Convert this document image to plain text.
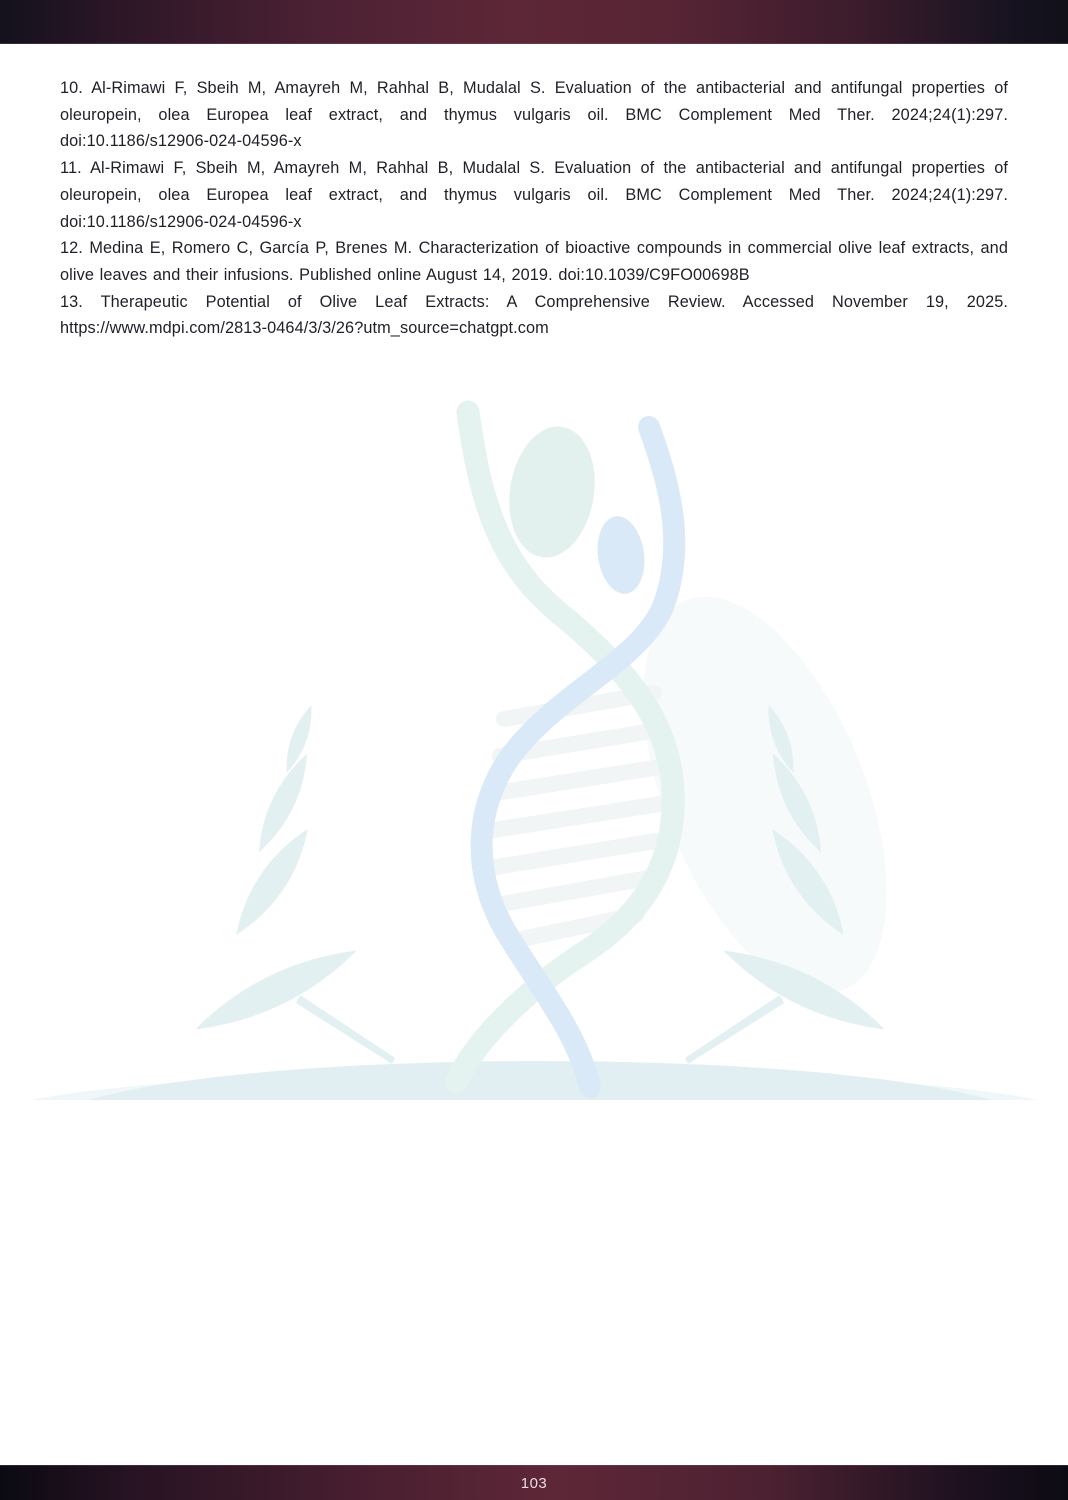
10. Al-Rimawi F, Sbeih M, Amayreh M, Rahhal B, Mudalal S. Evaluation of the antibacterial and antifungal properties of oleuropein, olea Europea leaf extract, and thymus vulgaris oil. BMC Complement Med Ther. 2024;24(1):297. doi:10.1186/s12906-024-04596-x

11. Al-Rimawi F, Sbeih M, Amayreh M, Rahhal B, Mudalal S. Evaluation of the antibacterial and antifungal properties of oleuropein, olea Europea leaf extract, and thymus vulgaris oil. BMC Complement Med Ther. 2024;24(1):297. doi:10.1186/s12906-024-04596-x

12. Medina E, Romero C, García P, Brenes M. Characterization of bioactive compounds in commercial olive leaf extracts, and olive leaves and their infusions. Published online August 14, 2019. doi:10.1039/C9FO00698B

13. Therapeutic Potential of Olive Leaf Extracts: A Comprehensive Review. Accessed November 19, 2025. https://www.mdpi.com/2813-0464/3/3/26?utm_source=chatgpt.com

103
